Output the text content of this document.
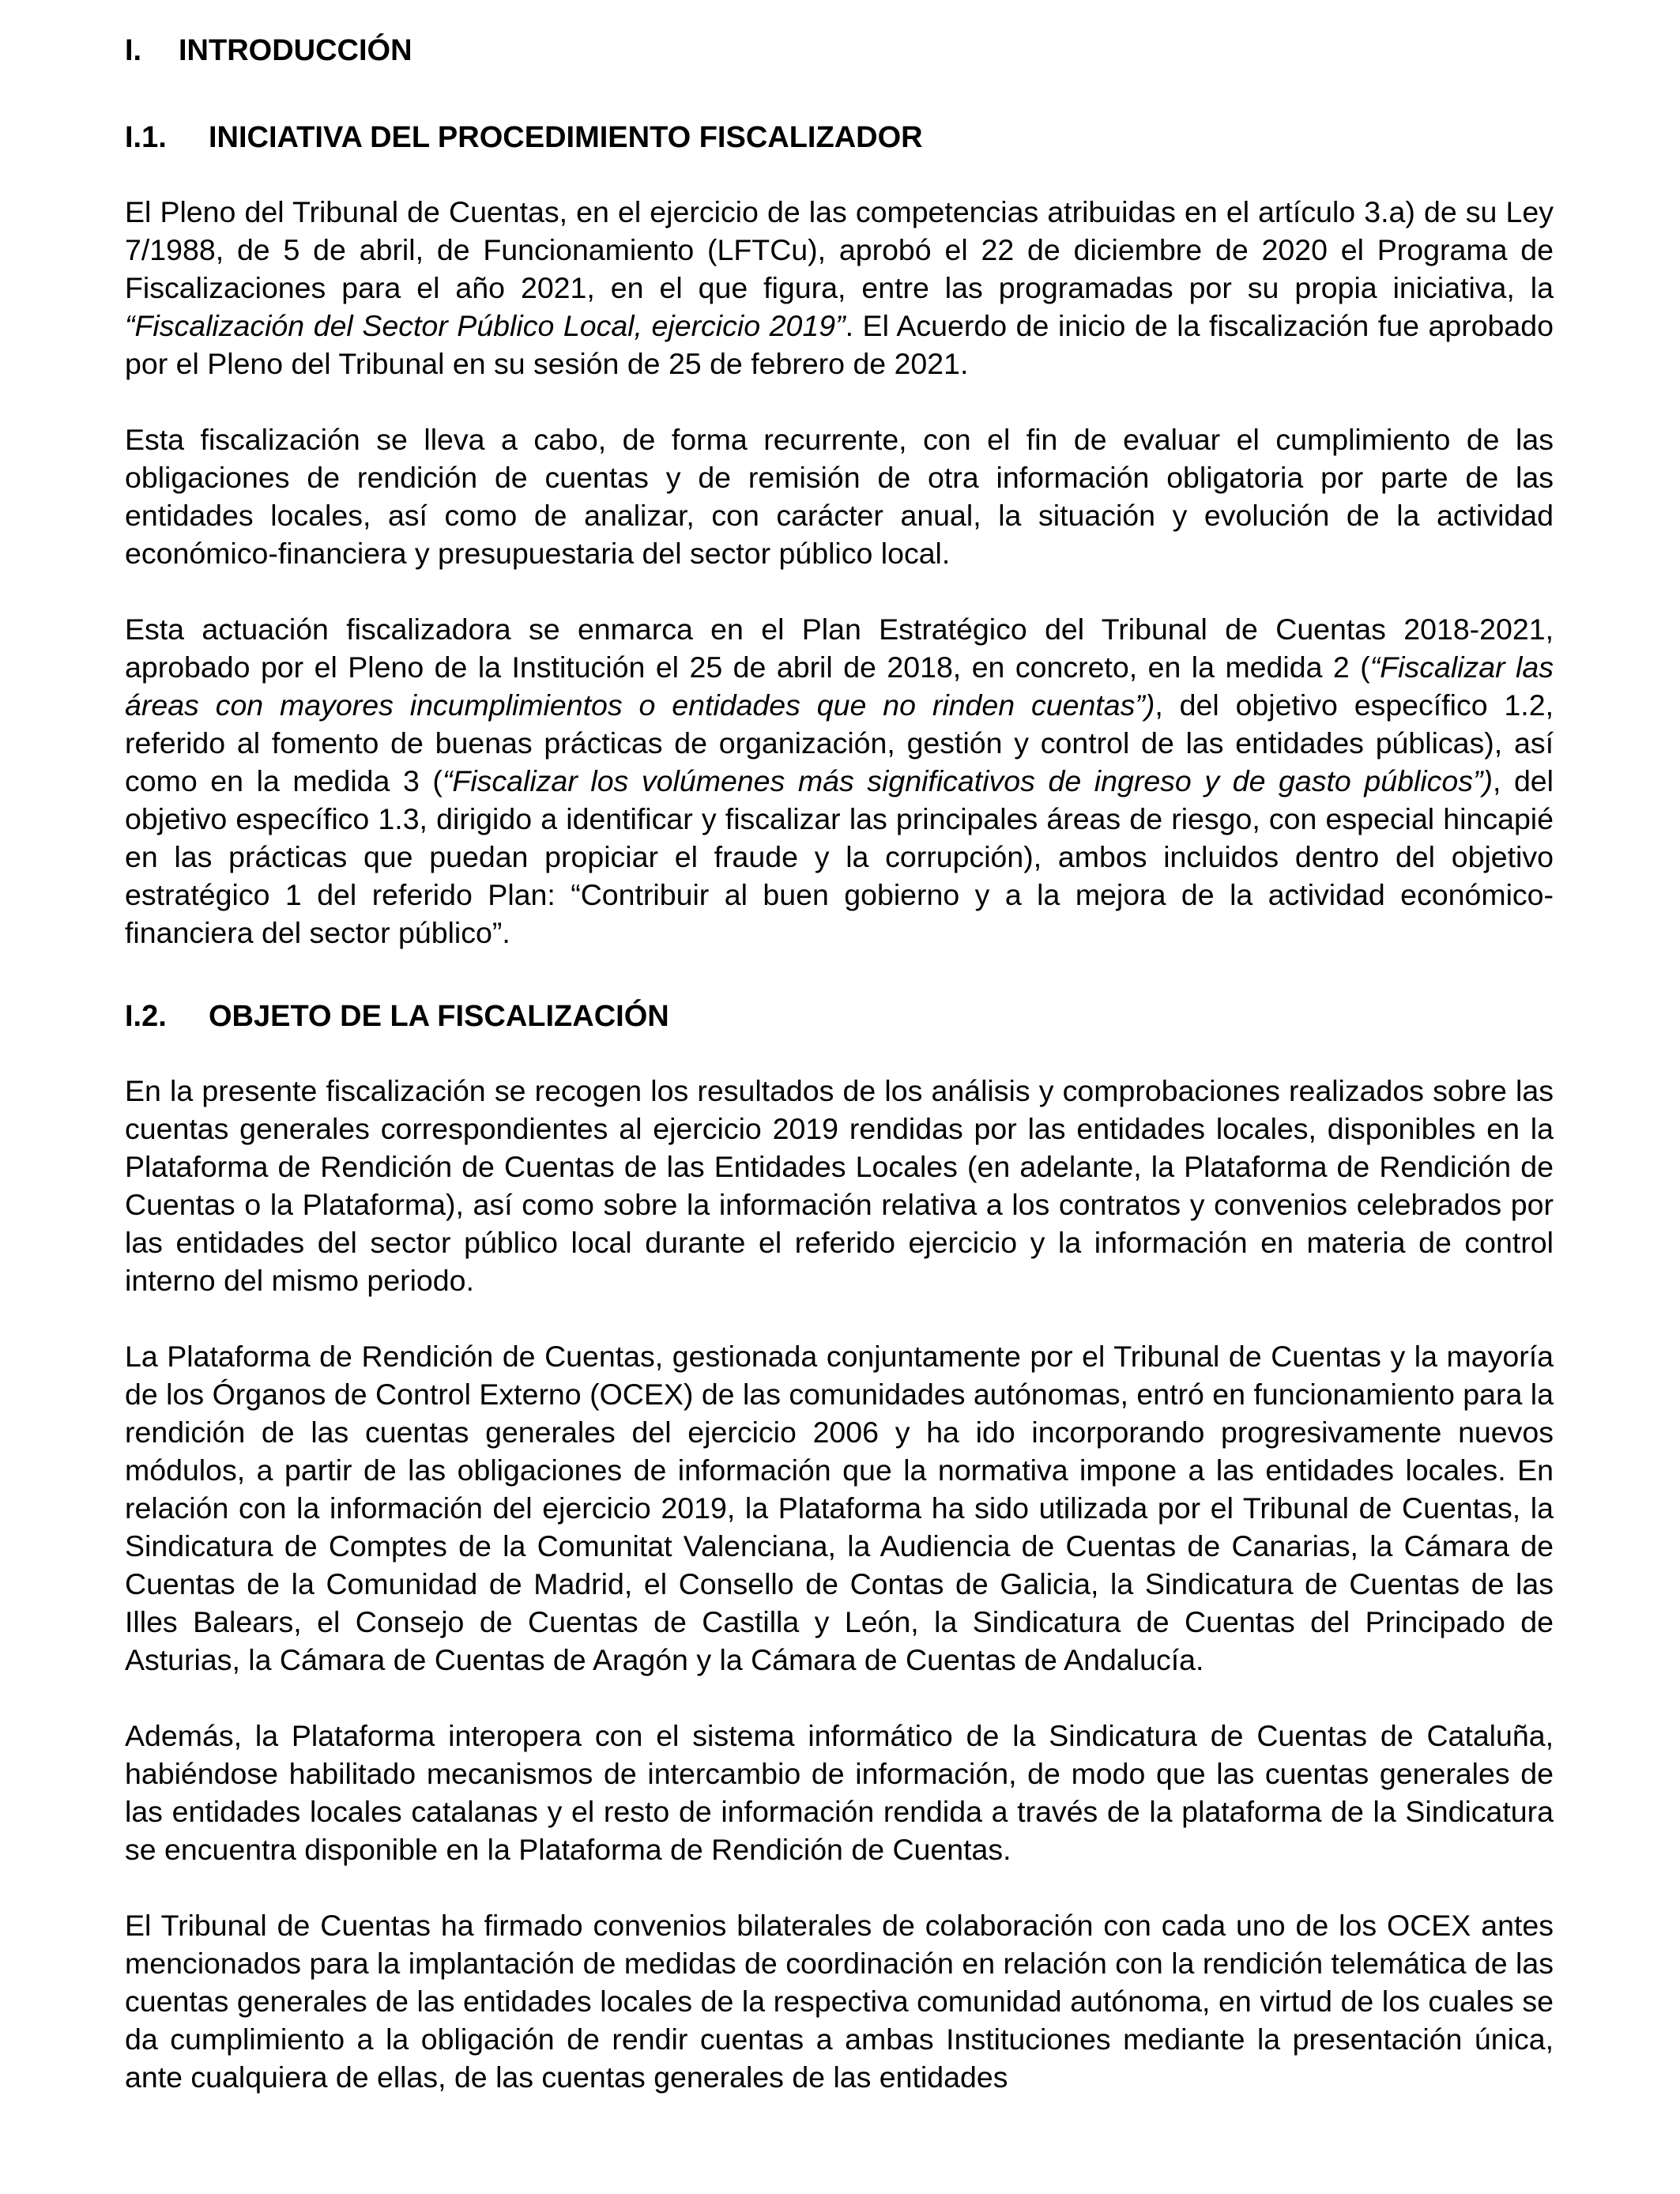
I.	INTRODUCCIÓN
I.1.	INICIATIVA DEL PROCEDIMIENTO FISCALIZADOR

El Pleno del Tribunal de Cuentas, en el ejercicio de las competencias atribuidas en el artículo 3.a) de su Ley 7/1988, de 5 de abril, de Funcionamiento (LFTCu), aprobó el 22 de diciembre de 2020 el Programa de Fiscalizaciones para el año 2021, en el que figura, entre las programadas por su propia iniciativa, la “Fiscalización del Sector Público Local, ejercicio 2019”. El Acuerdo de inicio de la fiscalización fue aprobado por el Pleno del Tribunal en su sesión de 25 de febrero de 2021.

Esta fiscalización se lleva a cabo, de forma recurrente, con el fin de evaluar el cumplimiento de las obligaciones de rendición de cuentas y de remisión de otra información obligatoria por parte de las entidades locales, así como de analizar, con carácter anual, la situación y evolución de la actividad económico-financiera y presupuestaria del sector público local.

Esta actuación fiscalizadora se enmarca en el Plan Estratégico del Tribunal de Cuentas 2018-2021, aprobado por el Pleno de la Institución el 25 de abril de 2018, en concreto, en la medida 2 (“Fiscalizar las áreas con mayores incumplimientos o entidades que no rinden cuentas”), del objetivo específico 1.2, referido al fomento de buenas prácticas de organización, gestión y control de las entidades públicas), así como en la medida 3 (“Fiscalizar los volúmenes más significativos de ingreso y de gasto públicos”), del objetivo específico 1.3, dirigido a identificar y fiscalizar las principales áreas de riesgo, con especial hincapié en las prácticas que puedan propiciar el fraude y la corrupción), ambos incluidos dentro del objetivo estratégico 1 del referido Plan: “Contribuir al buen gobierno y a la mejora de la actividad económico-financiera del sector público”.

I.2.	OBJETO DE LA FISCALIZACIÓN

En la presente fiscalización se recogen los resultados de los análisis y comprobaciones realizados sobre las cuentas generales correspondientes al ejercicio 2019 rendidas por las entidades locales, disponibles en la Plataforma de Rendición de Cuentas de las Entidades Locales (en adelante, la Plataforma de Rendición de Cuentas o la Plataforma), así como sobre la información relativa a los contratos y convenios celebrados por las entidades del sector público local durante el referido ejercicio y la información en materia de control interno del mismo periodo.

La Plataforma de Rendición de Cuentas, gestionada conjuntamente por el Tribunal de Cuentas y la mayoría de los Órganos de Control Externo (OCEX) de las comunidades autónomas, entró en funcionamiento para la rendición de las cuentas generales del ejercicio 2006 y ha ido incorporando progresivamente nuevos módulos, a partir de las obligaciones de información que la normativa impone a las entidades locales. En relación con la información del ejercicio 2019, la Plataforma ha sido utilizada por el Tribunal de Cuentas, la Sindicatura de Comptes de la Comunitat Valenciana, la Audiencia de Cuentas de Canarias, la Cámara de Cuentas de la Comunidad de Madrid, el Consello de Contas de Galicia, la Sindicatura de Cuentas de las Illes Balears, el Consejo de Cuentas de Castilla y León, la Sindicatura de Cuentas del Principado de Asturias, la Cámara de Cuentas de Aragón y la Cámara de Cuentas de Andalucía.

Además, la Plataforma interopera con el sistema informático de la Sindicatura de Cuentas de Cataluña, habiéndose habilitado mecanismos de intercambio de información, de modo que las cuentas generales de las entidades locales catalanas y el resto de información rendida a través de la plataforma de la Sindicatura se encuentra disponible en la Plataforma de Rendición de Cuentas.

El Tribunal de Cuentas ha firmado convenios bilaterales de colaboración con cada uno de los OCEX antes mencionados para la implantación de medidas de coordinación en relación con la rendición telemática de las cuentas generales de las entidades locales de la respectiva comunidad autónoma, en virtud de los cuales se da cumplimiento a la obligación de rendir cuentas a ambas Instituciones mediante la presentación única, ante cualquiera de ellas, de las cuentas generales de las entidades
